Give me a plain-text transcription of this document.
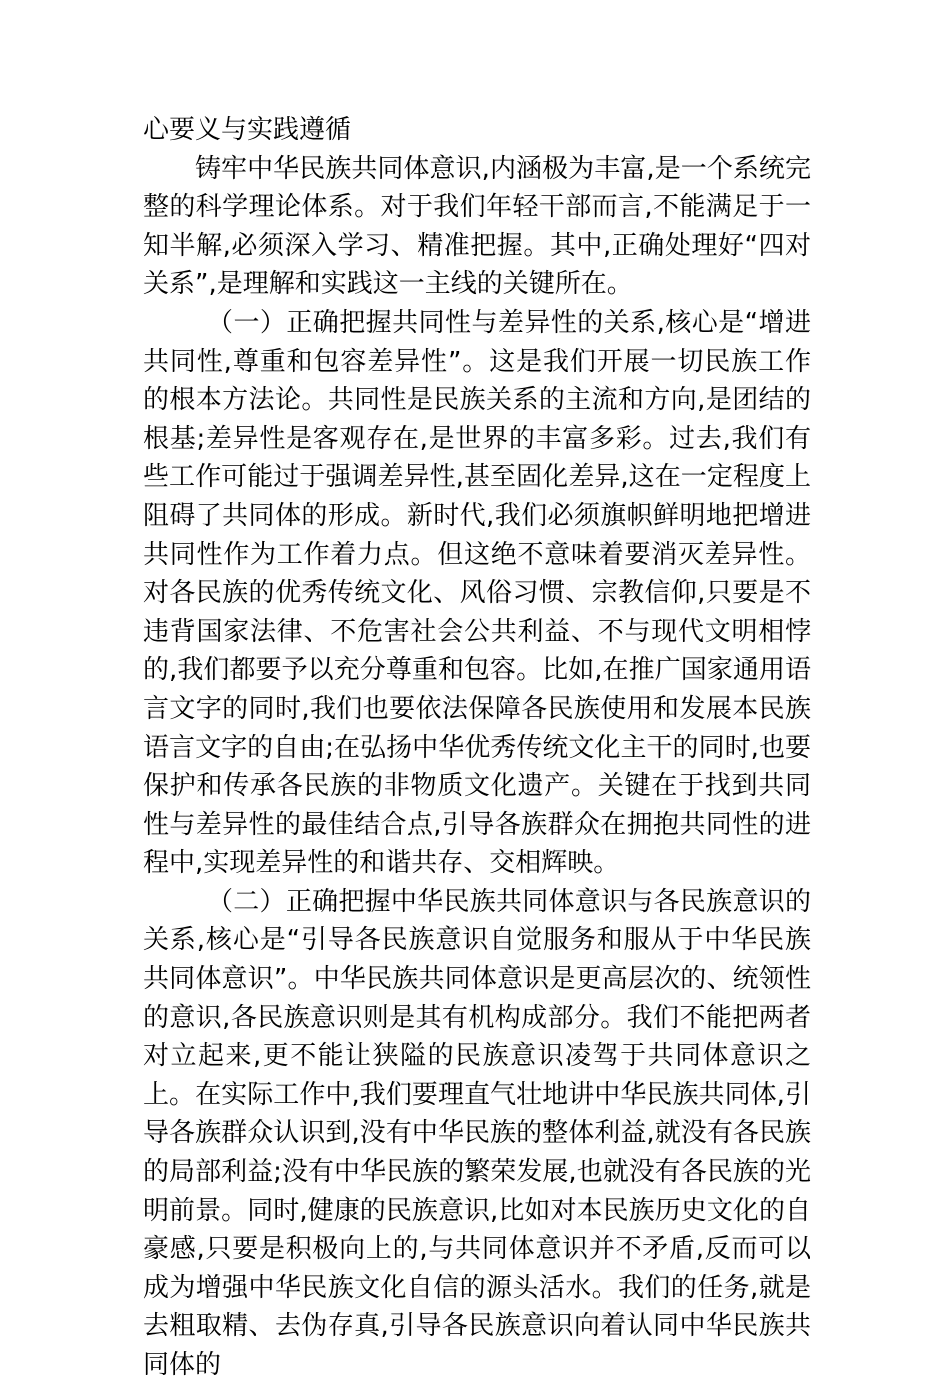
心要义与实践遵循

铸牢中华民族共同体意识,内涵极为丰富,是一个系统完整的科学理论体系。对于我们年轻干部而言,不能满足于一知半解,必须深入学习、精准把握。其中,正确处理好“四对关系”,是理解和实践这一主线的关键所在。

（一）正确把握共同性与差异性的关系,核心是“增进共同性,尊重和包容差异性”。这是我们开展一切民族工作的根本方法论。共同性是民族关系的主流和方向,是团结的根基;差异性是客观存在,是世界的丰富多彩。过去,我们有些工作可能过于强调差异性,甚至固化差异,这在一定程度上阻碍了共同体的形成。新时代,我们必须旗帜鲜明地把增进共同性作为工作着力点。但这绝不意味着要消灭差异性。对各民族的优秀传统文化、风俗习惯、宗教信仰,只要是不违背国家法律、不危害社会公共利益、不与现代文明相悖的,我们都要予以充分尊重和包容。比如,在推广国家通用语言文字的同时,我们也要依法保障各民族使用和发展本民族语言文字的自由;在弘扬中华优秀传统文化主干的同时,也要保护和传承各民族的非物质文化遗产。关键在于找到共同性与差异性的最佳结合点,引导各族群众在拥抱共同性的进程中,实现差异性的和谐共存、交相辉映。

（二）正确把握中华民族共同体意识与各民族意识的关系,核心是“引导各民族意识自觉服务和服从于中华民族共同体意识”。中华民族共同体意识是更高层次的、统领性的意识,各民族意识则是其有机构成部分。我们不能把两者对立起来,更不能让狭隘的民族意识凌驾于共同体意识之上。在实际工作中,我们要理直气壮地讲中华民族共同体,引导各族群众认识到,没有中华民族的整体利益,就没有各民族的局部利益;没有中华民族的繁荣发展,也就没有各民族的光明前景。同时,健康的民族意识,比如对本民族历史文化的自豪感,只要是积极向上的,与共同体意识并不矛盾,反而可以成为增强中华民族文化自信的源头活水。我们的任务,就是去粗取精、去伪存真,引导各民族意识向着认同中华民族共同体的
